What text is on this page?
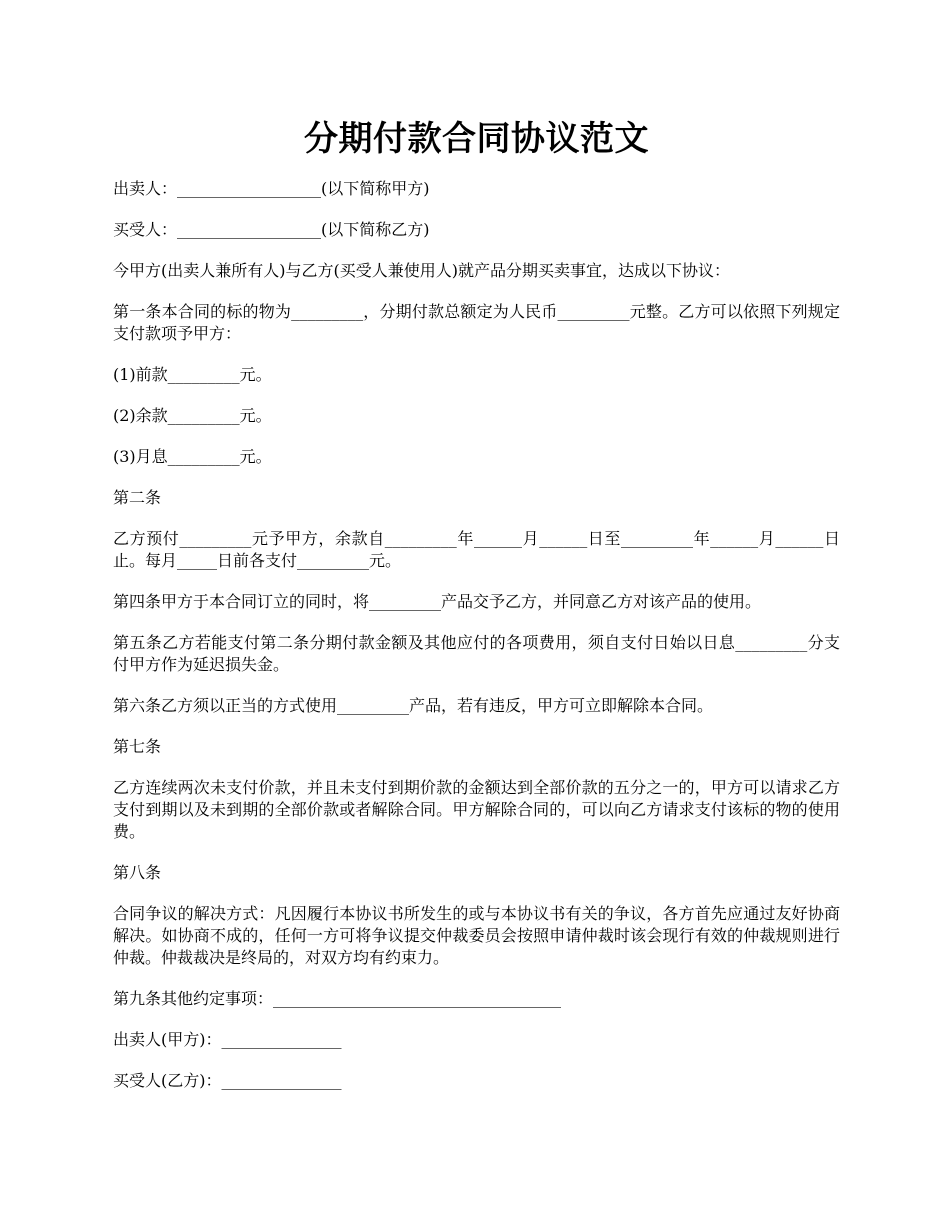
分期付款合同协议范文

出卖人：__________________(以下简称甲方)

买受人：__________________(以下简称乙方)

今甲方(出卖人兼所有人)与乙方(买受人兼使用人)就产品分期买卖事宜，达成以下协议：

第一条本合同的标的物为_________，分期付款总额定为人民币_________元整。乙方可以依照下列规定支付款项予甲方：

(1)前款_________元。

(2)余款_________元。

(3)月息_________元。

第二条

乙方预付_________元予甲方，余款自_________年______月______日至_________年______月______日止。每月_____日前各支付_________元。

第四条甲方于本合同订立的同时，将_________产品交予乙方，并同意乙方对该产品的使用。

第五条乙方若能支付第二条分期付款金额及其他应付的各项费用，须自支付日始以日息_________分支付甲方作为延迟损失金。

第六条乙方须以正当的方式使用_________产品，若有违反，甲方可立即解除本合同。

第七条

乙方连续两次未支付价款，并且未支付到期价款的金额达到全部价款的五分之一的，甲方可以请求乙方支付到期以及未到期的全部价款或者解除合同。甲方解除合同的，可以向乙方请求支付该标的物的使用费。

第八条

合同争议的解决方式：凡因履行本协议书所发生的或与本协议书有关的争议，各方首先应通过友好协商解决。如协商不成的，任何一方可将争议提交仲裁委员会按照申请仲裁时该会现行有效的仲裁规则进行仲裁。仲裁裁决是终局的，对双方均有约束力。

第九条其他约定事项：____________________________________

出卖人(甲方)：_______________

买受人(乙方)：_______________
